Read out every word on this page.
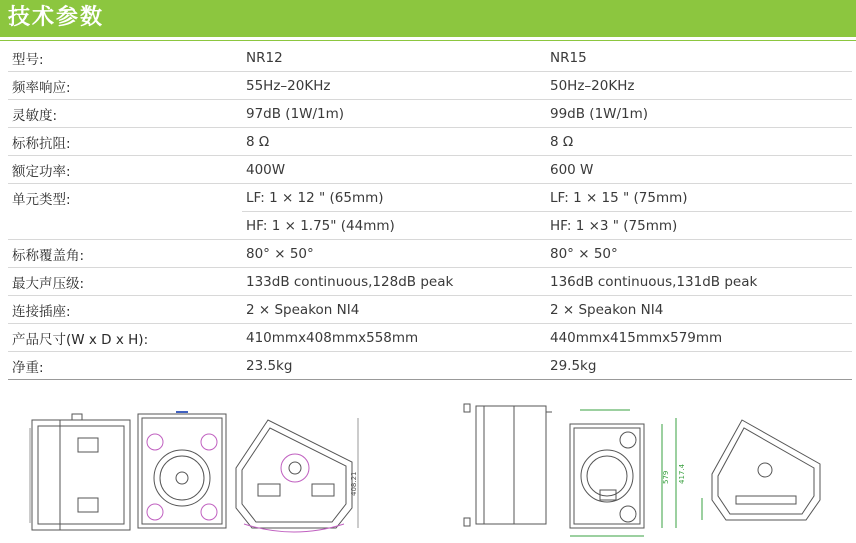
技术参数
型号:	NR12	NR15
频率响应:	55Hz–20KHz	50Hz–20KHz
灵敏度:	97dB (1W/1m)	99dB (1W/1m)
标称抗阻:	8 Ω	8 Ω
额定功率:	400W	600 W
单元类型:	LF: 1 × 12 " (65mm)	LF: 1 × 15 " (75mm)
	HF: 1 × 1.75" (44mm)	HF: 1 ×3 " (75mm)
标称覆盖角:	80° × 50°	80° × 50°
最大声压级:	133dB continuous,128dB peak	136dB continuous,131dB peak
连接插座:	2 × Speakon NI4	2 × Speakon NI4
产品尺寸(W x D x H):	410mmx408mmx558mm	440mmx415mmx579mm
净重:	23.5kg	29.5kg
408.21	417.4
579
